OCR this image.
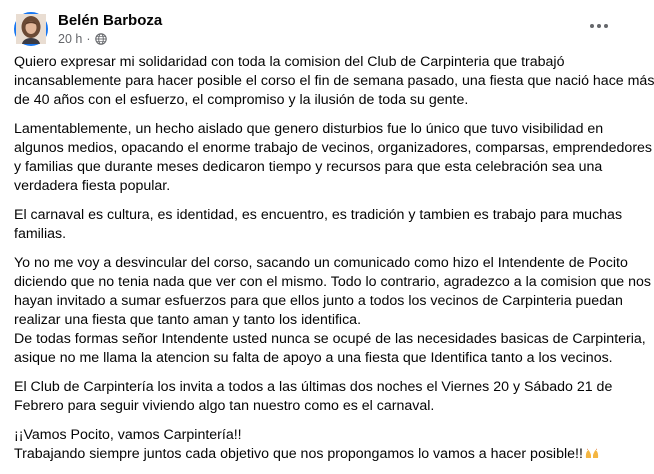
Belén Barboza
20 h ·

Quiero expresar mi solidaridad con toda la comision del Club de Carpinteria que trabajó
incansablemente para hacer posible el corso el fin de semana pasado, una fiesta que nació hace más
de 40 años con el esfuerzo, el compromiso y la ilusión de toda su gente.

Lamentablemente, un hecho aislado que genero disturbios fue lo único que tuvo visibilidad en
algunos medios, opacando el enorme trabajo de vecinos, organizadores, comparsas, emprendedores
y familias que durante meses dedicaron tiempo y recursos para que esta celebración sea una
verdadera fiesta popular.

El carnaval es cultura, es identidad, es encuentro, es tradición y tambien es trabajo para muchas
familias.

Yo no me voy a desvincular del corso, sacando un comunicado como hizo el Intendente de Pocito
diciendo que no tenia nada que ver con el mismo. Todo lo contrario, agradezco a la comision que nos
hayan invitado a sumar esfuerzos para que ellos junto a todos los vecinos de Carpinteria puedan
realizar una fiesta que tanto aman y tanto los identifica.
De todas formas señor Intendente usted nunca se ocupé de las necesidades basicas de Carpinteria,
asique no me llama la atencion su falta de apoyo a una fiesta que Identifica tanto a los vecinos.

El Club de Carpintería los invita a todos a las últimas dos noches el Viernes 20 y Sábado 21 de
Febrero para seguir viviendo algo tan nuestro como es el carnaval.

¡¡Vamos Pocito, vamos Carpintería!!
Trabajando siempre juntos cada objetivo que nos propongamos lo vamos a hacer posible!!
